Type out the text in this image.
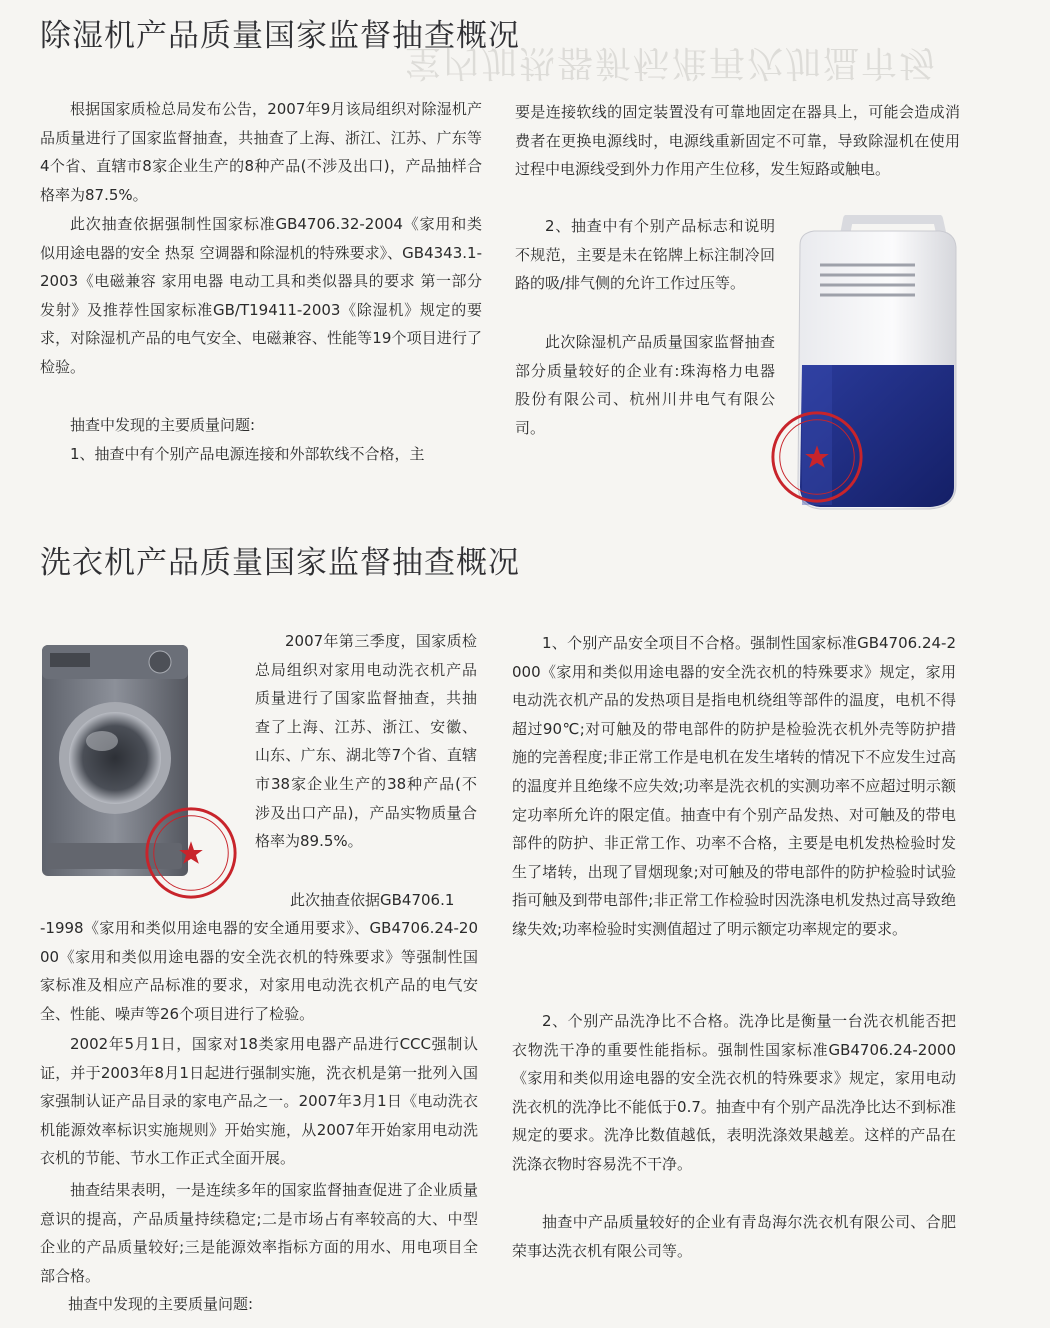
室内加热器新标准再次加温市场
除湿机产品质量国家监督抽查概况

根据国家质检总局发布公告，2007年9月该局组织对除湿机产品质量进行了国家监督抽查，共抽查了上海、浙江、江苏、广东等4个省、直辖市8家企业生产的8种产品(不涉及出口)，产品抽样合格率为87.5%。

此次抽查依据强制性国家标准GB4706.32-2004《家用和类似用途电器的安全 热泵 空调器和除湿机的特殊要求》、GB4343.1-2003《电磁兼容 家用电器 电动工具和类似器具的要求 第一部分 发射》及推荐性国家标准GB/T19411-2003《除湿机》规定的要求，对除湿机产品的电气安全、电磁兼容、性能等19个项目进行了检验。

抽查中发现的主要质量问题:

1、抽查中有个别产品电源连接和外部软线不合格，主

要是连接软线的固定装置没有可靠地固定在器具上，可能会造成消费者在更换电源线时，电源线重新固定不可靠，导致除湿机在使用过程中电源线受到外力作用产生位移，发生短路或触电。

2、抽查中有个别产品标志和说明不规范，主要是未在铭牌上标注制冷回路的吸/排气侧的允许工作过压等。

此次除湿机产品质量国家监督抽查部分质量较好的企业有:珠海格力电器股份有限公司、杭州川井电气有限公司。

洗衣机产品质量国家监督抽查概况

2007年第三季度，国家质检总局组织对家用电动洗衣机产品质量进行了国家监督抽查，共抽查了上海、江苏、浙江、安徽、山东、广东、湖北等7个省、直辖市38家企业生产的38种产品(不涉及出口产品)，产品实物质量合格率为89.5%。

此次抽查依据GB4706.1

-1998《家用和类似用途电器的安全通用要求》、GB4706.24-2000《家用和类似用途电器的安全洗衣机的特殊要求》等强制性国家标准及相应产品标准的要求，对家用电动洗衣机产品的电气安全、性能、噪声等26个项目进行了检验。

2002年5月1日，国家对18类家用电器产品进行CCC强制认证，并于2003年8月1日起进行强制实施，洗衣机是第一批列入国家强制认证产品目录的家电产品之一。2007年3月1日《电动洗衣机能源效率标识实施规则》开始实施，从2007年开始家用电动洗衣机的节能、节水工作正式全面开展。

抽查结果表明，一是连续多年的国家监督抽查促进了企业质量意识的提高，产品质量持续稳定;二是市场占有率较高的大、中型企业的产品质量较好;三是能源效率指标方面的用水、用电项目全部合格。

抽查中发现的主要质量问题:

1、个别产品安全项目不合格。强制性国家标准GB4706.24-2000《家用和类似用途电器的安全洗衣机的特殊要求》规定，家用电动洗衣机产品的发热项目是指电机绕组等部件的温度，电机不得超过90℃;对可触及的带电部件的防护是检验洗衣机外壳等防护措施的完善程度;非正常工作是电机在发生堵转的情况下不应发生过高的温度并且绝缘不应失效;功率是洗衣机的实测功率不应超过明示额定功率所允许的限定值。抽查中有个别产品发热、对可触及的带电部件的防护、非正常工作、功率不合格，主要是电机发热检验时发生了堵转，出现了冒烟现象;对可触及的带电部件的防护检验时试验指可触及到带电部件;非正常工作检验时因洗涤电机发热过高导致绝缘失效;功率检验时实测值超过了明示额定功率规定的要求。

2、个别产品洗净比不合格。洗净比是衡量一台洗衣机能否把衣物洗干净的重要性能指标。强制性国家标准GB4706.24-2000《家用和类似用途电器的安全洗衣机的特殊要求》规定，家用电动洗衣机的洗净比不能低于0.7。抽查中有个别产品洗净比达不到标准规定的要求。洗净比数值越低，表明洗涤效果越差。这样的产品在洗涤衣物时容易洗不干净。

抽查中产品质量较好的企业有青岛海尔洗衣机有限公司、合肥荣事达洗衣机有限公司等。
